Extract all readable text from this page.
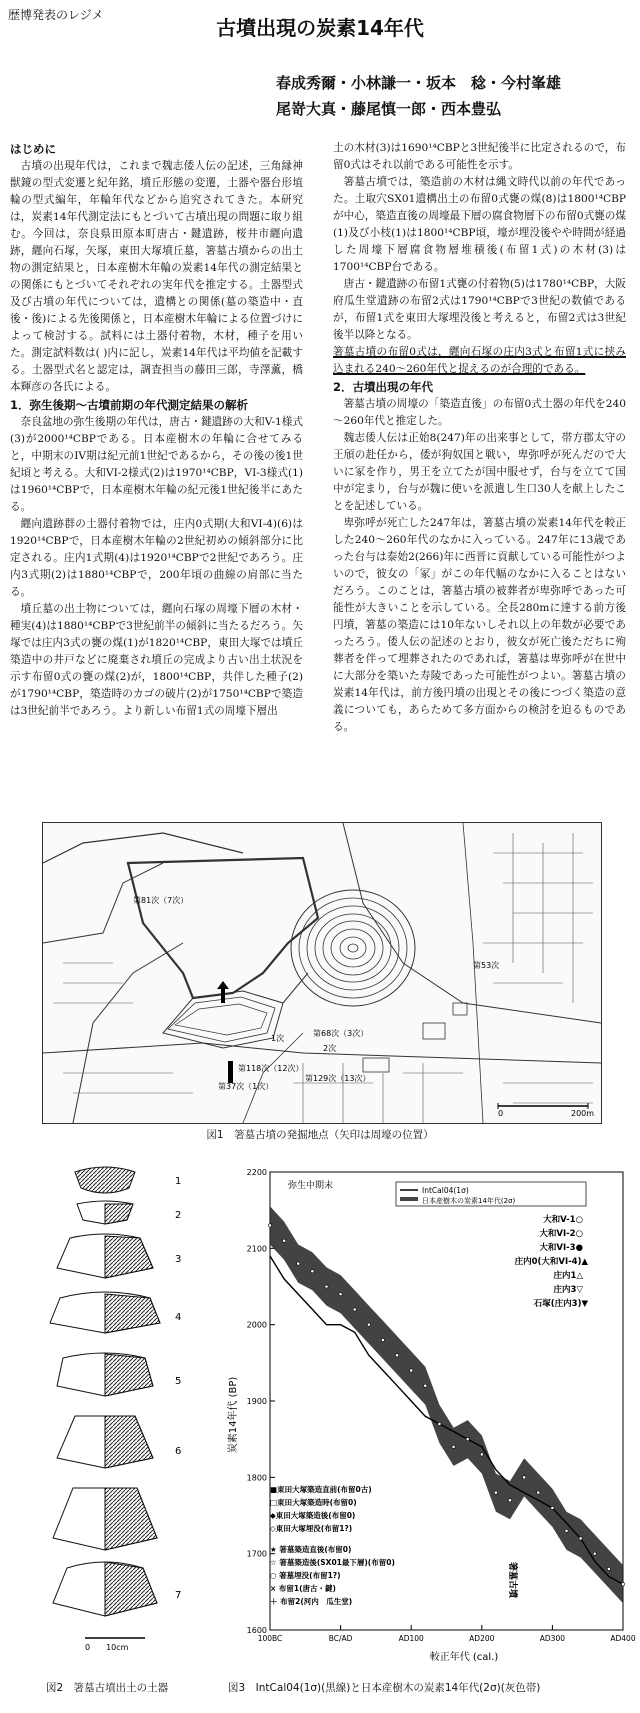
歴博発表のレジメ
古墳出現の炭素14年代
春成秀爾・小林謙一・坂本　稔・今村峯雄
尾嵜大真・藤尾慎一郎・西本豊弘
はじめに

古墳の出現年代は，これまで魏志倭人伝の記述，三角縁神獣鏡の型式変遷と紀年銘，墳丘形態の変遷，土器や器台形埴輪の型式編年，年輪年代などから追究されてきた。本研究は，炭素14年代測定法にもとづいて古墳出現の問題に取り組む。今回は，奈良県田原本町唐古・鍵遺跡，桜井市纒向遺跡，纒向石塚，矢塚，東田大塚墳丘墓，箸墓古墳からの出土物の測定結果と，日本産樹木年輪の炭素14年代の測定結果との関係にもとづいてそれぞれの実年代を推定する。土器型式及び古墳の年代については，遺構との関係(墓の築造中・直後・後)による先後関係と，日本産樹木年輪による位置づけによって検討する。試料には土器付着物，木材，種子を用いた。測定試料数は( )内に記し，炭素14年代は平均値を記載する。土器型式名と認定は，調査担当の藤田三郎，寺澤薫，橋本輝彦の各氏による。

1．弥生後期～古墳前期の年代測定結果の解析

奈良盆地の弥生後期の年代は，唐古・鍵遺跡の大和V-1様式(3)が2000¹⁴CBPである。日本産樹木の年輪に合せてみると，中期末のIV期は紀元前1世紀であるから，その後の後1世紀頃と考える。大和VI-2様式(2)は1970¹⁴CBP，VI-3様式(1)は1960¹⁴CBPで，日本産樹木年輪の紀元後1世紀後半にあたる。

纒向遺跡群の土器付着物では，庄内0式期(大和VI-4)(6)は1920¹⁴CBPで，日本産樹木年輪の2世紀初めの傾斜部分に比定される。庄内1式期(4)は1920¹⁴CBPで2世紀であろう。庄内3式期(2)は1880¹⁴CBPで，200年頃の曲線の肩部に当たる。

墳丘墓の出土物については，纒向石塚の周壕下層の木材・種実(4)は1880¹⁴CBPで3世紀前半の傾斜に当たるだろう。矢塚では庄内3式の甕の煤(1)が1820¹⁴CBP，東田大塚では墳丘築造中の井戸などに廃棄され墳丘の完成より古い出土状況を示す布留0式の甕の煤(2)が，1800¹⁴CBP，共伴した種子(2)が1790¹⁴CBP，築造時のカゴの破片(2)が1750¹⁴CBPで築造は3世紀前半であろう。より新しい布留1式の周壕下層出

土の木材(3)は1690¹⁴CBPと3世紀後半に比定されるので，布留0式はそれ以前である可能性を示す。

箸墓古墳では，築造前の木材は縄文時代以前の年代であった。土取穴SX01遺構出土の布留0式甕の煤(8)は1800¹⁴CBPが中心，築造直後の周壕最下層の腐食物層下の布留0式甕の煤(1)及び小枝(1)は1800¹⁴CBP頃，壕が埋没後やや時間が経過した周壕下層腐食物層堆積後(布留1式)の木材(3)は1700¹⁴CBP台である。

唐古・鍵遺跡の布留1式甕の付着物(5)は1780¹⁴CBP，大阪府瓜生堂遺跡の布留2式は1790¹⁴CBPで3世紀の数値であるが，布留1式を東田大塚埋没後と考えると，布留2式は3世紀後半以降となる。

箸墓古墳の布留0式は，纒向石塚の庄内3式と布留1式に挟み込まれる240～260年代と捉えるのが合理的である。

2．古墳出現の年代

箸墓古墳の周壕の「築造直後」の布留0式土器の年代を240～260年代と推定した。

魏志倭人伝は正始8(247)年の出来事として，帯方郡太守の王頎の赴任から，倭が狗奴国と戦い，卑弥呼が死んだので大いに冢を作り，男王を立てたが国中服せず，台与を立てて国中が定まり，台与が魏に使いを派遣し生口30人を献上したことを記述している。

卑弥呼が死亡した247年は，箸墓古墳の炭素14年代を較正した240～260年代のなかに入っている。247年に13歳であった台与は泰始2(266)年に西晋に貢献している可能性がつよいので，彼女の「冢」がこの年代幅のなかに入ることはないだろう。このことは，箸墓古墳の被葬者が卑弥呼であった可能性が大きいことを示している。全長280mに達する前方後円墳，箸墓の築造には10年ないしそれ以上の年数が必要であったろう。倭人伝の記述のとおり，彼女が死亡後ただちに殉葬者を伴って埋葬されたのであれば，箸墓は卑弥呼が在世中に大部分を築いた寿陵であった可能性がつよい。箸墓古墳の炭素14年代は，前方後円墳の出現とその後につづく築造の意義についても，あらためて多方面からの検討を迫るものである。

第81次（7次）
第53次
第68次（3次）
第118次（12次）
第37次（1次）
第129次（13次）
1次
2次
0	200m
図1　箸墓古墳の発掘地点（矢印は周壕の位置）
1
2
3
4
5
6
7
0　　10cm
図2　箸墓古墳出土の土器
2200
2100
2000
1900
1800
1700
1600
100BC	BC/AD	AD100	AD200	AD300	AD400
炭素14年代 (BP)
較正年代 (cal.)
弥生中期末	IntCal04(1σ)
日本産樹木の炭素14年代(2σ)
大和V-1○
大和VI-2○
大和VI-3●
庄内0(大和VI-4)▲
庄内1△
庄内3▽
石塚(庄内3)▼
■東田大塚築造直前(布留0古)
□東田大塚築造時(布留0)
◆東田大塚築造後(布留0)
◇東田大塚埋没(布留1?)
★ 箸墓築造直後(布留0)
☆ 箸墓築造後(SX01最下層)(布留0)
○ 箸墓埋没(布留1?)
× 布留1(唐古・鍵)
＋ 布留2(河内　瓜生堂)
箸墓古墳
図3　IntCal04(1σ)(黒線)と日本産樹木の炭素14年代(2σ)(灰色帯)
